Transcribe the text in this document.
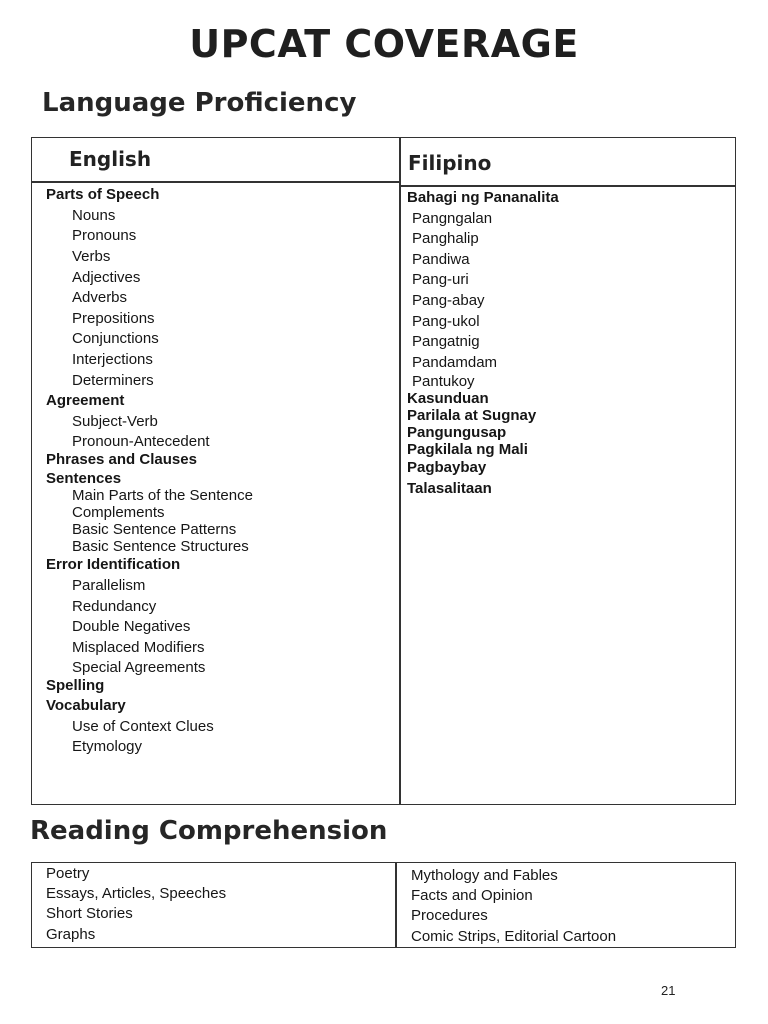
UPCAT COVERAGE
Language Proficiency
English	Filipino
Parts of Speech
Nouns
Pronouns
Verbs
Adjectives
Adverbs
Prepositions
Conjunctions
Interjections
Determiners
Agreement
Subject-Verb
Pronoun-Antecedent
Phrases and Clauses
Sentences
Main Parts of the Sentence
Complements
Basic Sentence Patterns
Basic Sentence Structures
Error Identification
Parallelism
Redundancy
Double Negatives
Misplaced Modifiers
Special Agreements
Spelling
Vocabulary
Use of Context Clues
Etymology
Bahagi ng Pananalita
Pangngalan
Panghalip
Pandiwa
Pang-uri
Pang-abay
Pang-ukol
Pangatnig
Pandamdam
Pantukoy
Kasunduan
Parilala at Sugnay
Pangungusap
Pagkilala ng Mali
Pagbaybay
Talasalitaan
Reading Comprehension
Poetry
Essays, Articles, Speeches
Short Stories
Graphs
Mythology and Fables
Facts and Opinion
Procedures
Comic Strips, Editorial Cartoon
21
